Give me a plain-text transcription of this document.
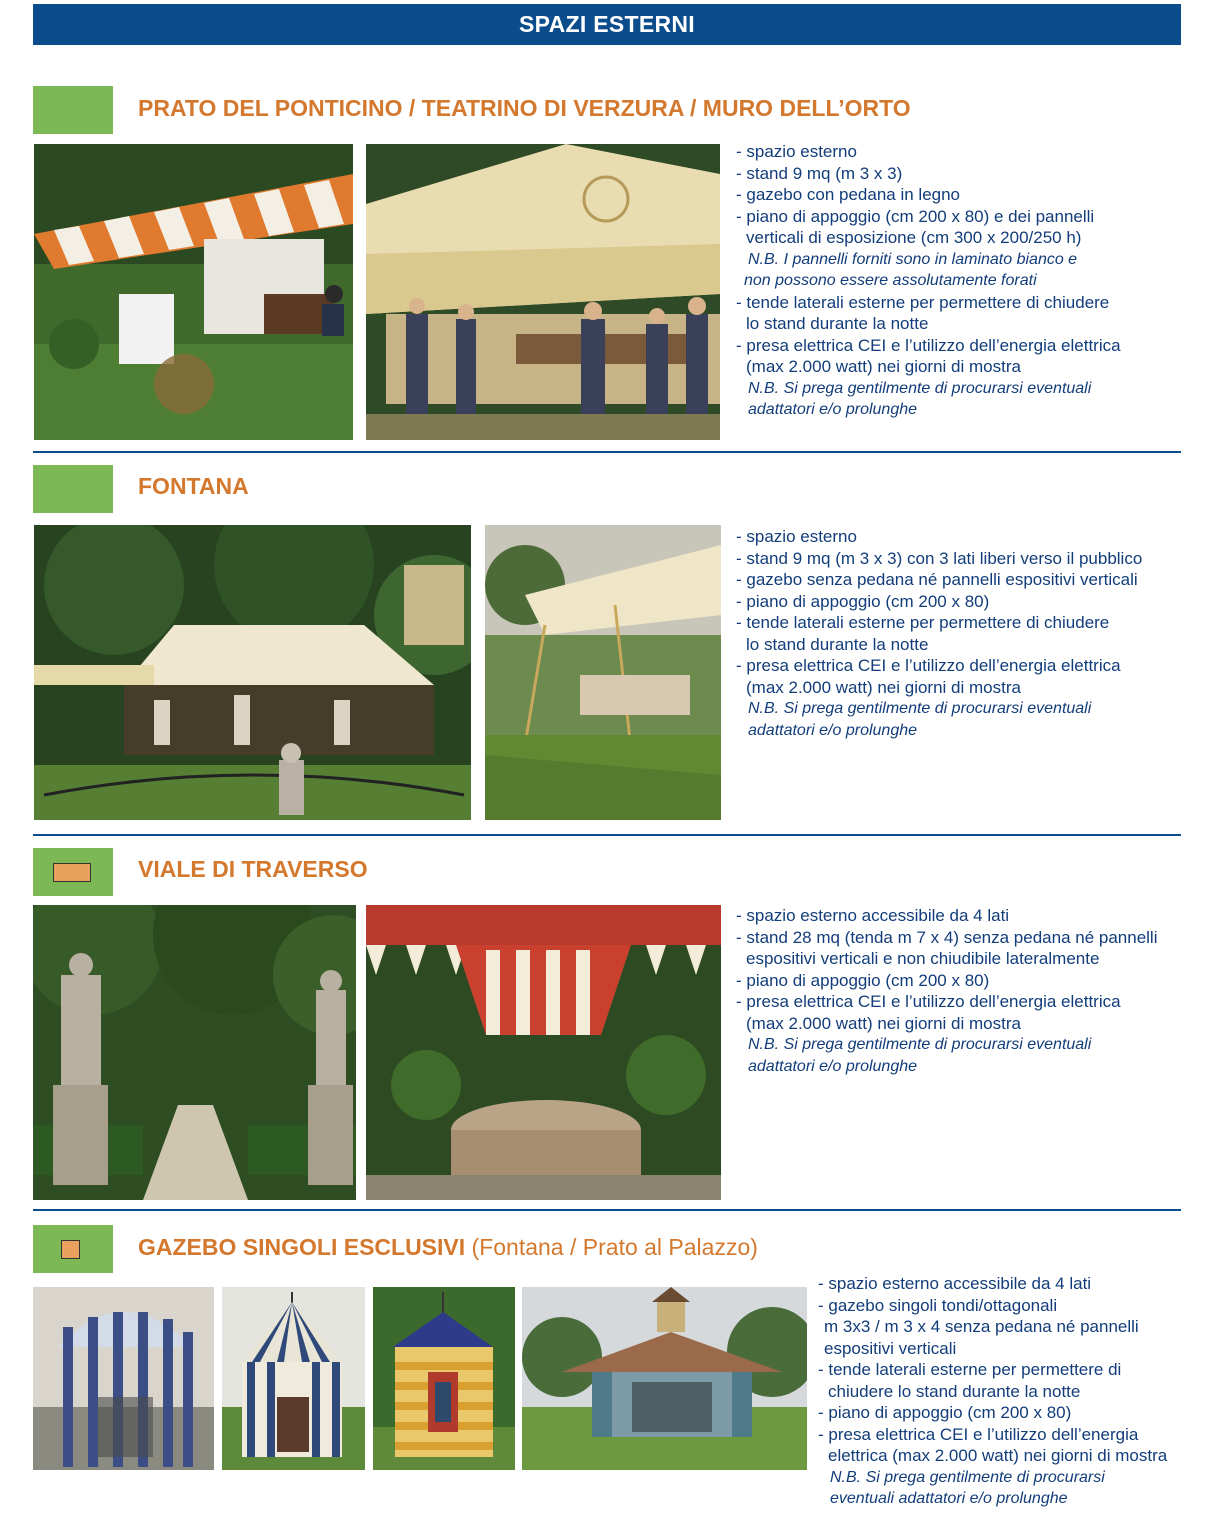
SPAZI ESTERNI
PRATO DEL PONTICINO / TEATRINO DI VERZURA / MURO DELL’ORTO
- spazio esterno
- stand 9 mq (m 3 x 3)
- gazebo con pedana in legno
- piano di appoggio (cm 200 x 80) e dei pannelli
verticali di esposizione (cm 300 x 200/250 h)
N.B. I pannelli forniti sono in laminato bianco e
non possono essere assolutamente forati
- tende laterali esterne per permettere di chiudere
lo stand durante la notte
- presa elettrica CEI e l’utilizzo dell’energia elettrica
(max 2.000 watt) nei giorni di mostra
N.B. Si prega gentilmente di procurarsi eventuali
adattatori e/o prolunghe
FONTANA
- spazio esterno
- stand 9 mq (m 3 x 3) con 3 lati liberi verso il pubblico
- gazebo senza pedana né pannelli espositivi verticali
- piano di appoggio (cm 200 x 80)
- tende laterali esterne per permettere di chiudere
lo stand durante la notte
- presa elettrica CEI e l’utilizzo dell’energia elettrica
(max 2.000 watt) nei giorni di mostra
N.B. Si prega gentilmente di procurarsi eventuali
adattatori e/o prolunghe
VIALE DI TRAVERSO
- spazio esterno accessibile da 4 lati
- stand 28 mq (tenda m 7 x 4) senza pedana né pannelli
espositivi verticali e non chiudibile lateralmente
- piano di appoggio (cm 200 x 80)
- presa elettrica CEI e l’utilizzo dell’energia elettrica
(max 2.000 watt) nei giorni di mostra
N.B. Si prega gentilmente di procurarsi eventuali
adattatori e/o prolunghe
GAZEBO SINGOLI ESCLUSIVI (Fontana / Prato al Palazzo)
- spazio esterno accessibile da 4 lati
- gazebo singoli tondi/ottagonali
m 3x3 / m 3 x 4 senza pedana né pannelli
espositivi verticali
- tende laterali esterne per permettere di
chiudere lo stand durante la notte
- piano di appoggio (cm 200 x 80)
- presa elettrica CEI e l’utilizzo dell’energia
elettrica (max 2.000 watt) nei giorni di mostra
N.B. Si prega gentilmente di procurarsi
eventuali adattatori e/o prolunghe
